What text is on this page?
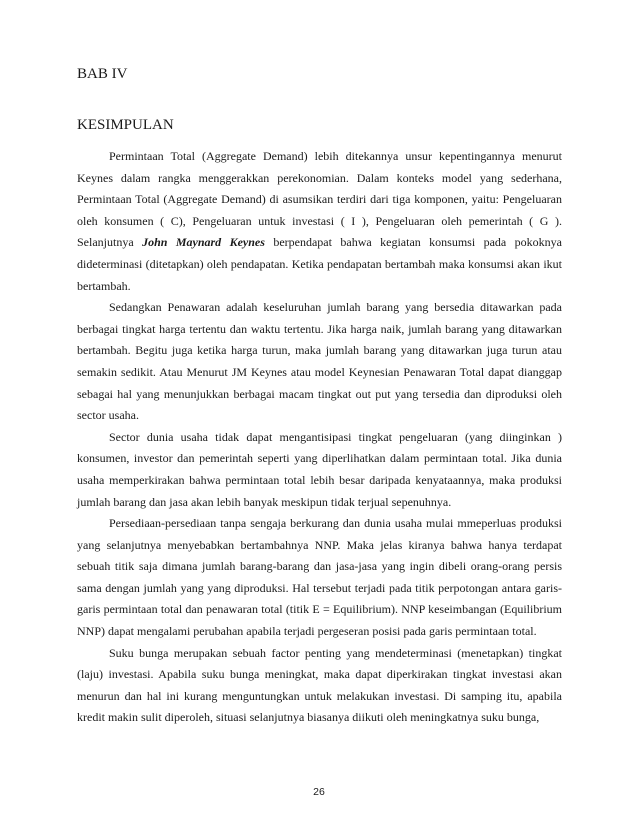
BAB IV
KESIMPULAN

Permintaan Total (Aggregate Demand) lebih ditekannya unsur kepentingannya menurut Keynes dalam rangka menggerakkan perekonomian. Dalam konteks model yang sederhana, Permintaan Total (Aggregate Demand) di asumsikan terdiri dari tiga komponen, yaitu: Pengeluaran oleh konsumen ( C), Pengeluaran untuk investasi ( I ), Pengeluaran oleh pemerintah ( G ). Selanjutnya John Maynard Keynes berpendapat bahwa kegiatan konsumsi pada pokoknya dideterminasi (ditetapkan) oleh pendapatan. Ketika pendapatan bertambah maka konsumsi akan ikut bertambah.

Sedangkan Penawaran adalah keseluruhan jumlah barang yang bersedia ditawarkan pada berbagai tingkat harga tertentu dan waktu tertentu. Jika harga naik, jumlah barang yang ditawarkan bertambah. Begitu juga ketika harga turun, maka jumlah barang yang ditawarkan juga turun atau semakin sedikit. Atau Menurut JM Keynes atau model Keynesian Penawaran Total dapat dianggap sebagai hal yang menunjukkan berbagai macam tingkat out put yang tersedia dan diproduksi oleh sector usaha.

Sector dunia usaha tidak dapat mengantisipasi tingkat pengeluaran (yang diinginkan ) konsumen, investor dan pemerintah seperti yang diperlihatkan dalam permintaan total. Jika dunia usaha memperkirakan bahwa permintaan total lebih besar daripada kenyataannya, maka produksi jumlah barang dan jasa akan lebih banyak meskipun tidak terjual sepenuhnya.

Persediaan-persediaan tanpa sengaja berkurang dan dunia usaha mulai mmeperluas produksi yang selanjutnya menyebabkan bertambahnya NNP. Maka jelas kiranya bahwa hanya terdapat sebuah titik saja dimana jumlah barang-barang dan jasa-jasa yang ingin dibeli orang-orang persis sama dengan jumlah yang yang diproduksi. Hal tersebut terjadi pada titik perpotongan antara garis-garis permintaan total dan penawaran total (titik E = Equilibrium). NNP keseimbangan (Equilibrium NNP) dapat mengalami perubahan apabila terjadi pergeseran posisi pada garis permintaan total.

Suku bunga merupakan sebuah factor penting yang mendeterminasi (menetapkan) tingkat (laju) investasi. Apabila suku bunga meningkat, maka dapat diperkirakan tingkat investasi akan menurun dan hal ini kurang menguntungkan untuk melakukan investasi. Di samping itu, apabila kredit makin sulit diperoleh, situasi selanjutnya biasanya diikuti oleh meningkatnya suku bunga,

26
